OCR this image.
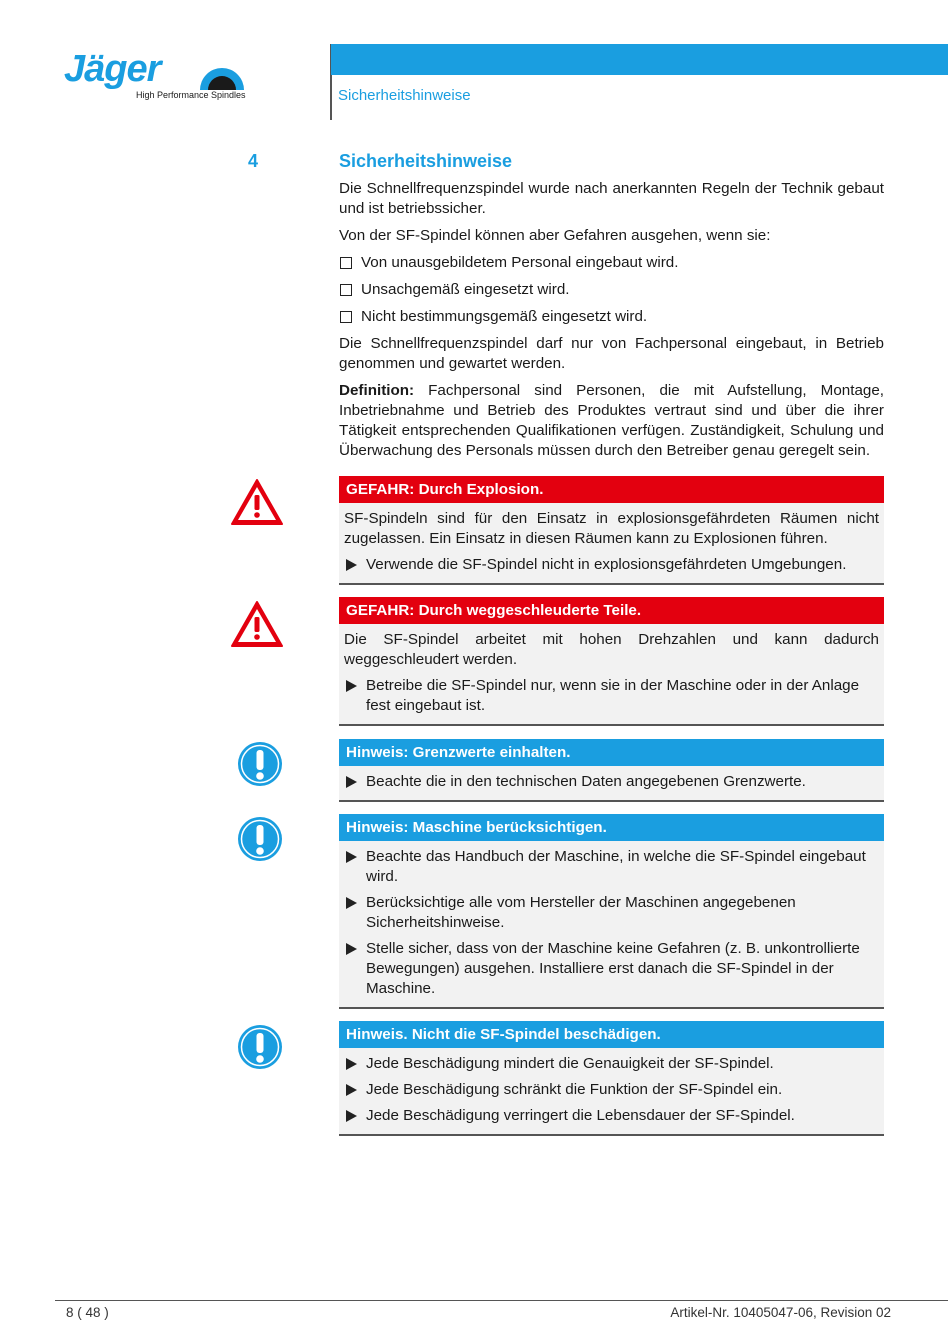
Jäger
High Performance Spindles	Sicherheitshinweise
4	Sicherheitshinweise

Die Schnellfrequenzspindel wurde nach anerkannten Regeln der Technik gebaut und ist betriebssicher.

Von der SF-Spindel können aber Gefahren ausgehen, wenn sie:

Von unausgebildetem Personal eingebaut wird.
Unsachgemäß eingesetzt wird.
Nicht bestimmungsgemäß eingesetzt wird.

Die Schnellfrequenzspindel darf nur von Fachpersonal eingebaut, in Betrieb genommen und gewartet werden.

Definition: Fachpersonal sind Personen, die mit Aufstellung, Montage, Inbetriebnahme und Betrieb des Produktes vertraut sind und über die ihrer Tätigkeit entsprechenden Qualifikationen verfügen. Zuständigkeit, Schulung und Überwachung des Personals müssen durch den Betreiber genau geregelt sein.

GEFAHR: Durch Explosion.

SF-Spindeln sind für den Einsatz in explosionsgefährdeten Räumen nicht zugelassen. Ein Einsatz in diesen Räumen kann zu Explosionen führen.

Verwende die SF-Spindel nicht in explosionsgefährdeten Umgebungen.
GEFAHR: Durch weggeschleuderte Teile.

Die SF-Spindel arbeitet mit hohen Drehzahlen und kann dadurch weggeschleudert werden.

Betreibe die SF-Spindel nur, wenn sie in der Maschine oder in der Anlage fest eingebaut ist.
Hinweis: Grenzwerte einhalten.
Beachte die in den technischen Daten angegebenen Grenzwerte.
Hinweis: Maschine berücksichtigen.
Beachte das Handbuch der Maschine, in welche die SF-Spindel eingebaut wird.
Berücksichtige alle vom Hersteller der Maschinen angegebenen Sicherheitshinweise.
Stelle sicher, dass von der Maschine keine Gefahren (z. B. unkontrollierte Bewegungen) ausgehen. Installiere erst danach die SF-Spindel in der Maschine.
Hinweis. Nicht die SF-Spindel beschädigen.
Jede Beschädigung mindert die Genauigkeit der SF-Spindel.
Jede Beschädigung schränkt die Funktion der SF-Spindel ein.
Jede Beschädigung verringert die Lebensdauer der SF-Spindel.
8 ( 48 )	Artikel-Nr. 10405047-06, Revision 02
